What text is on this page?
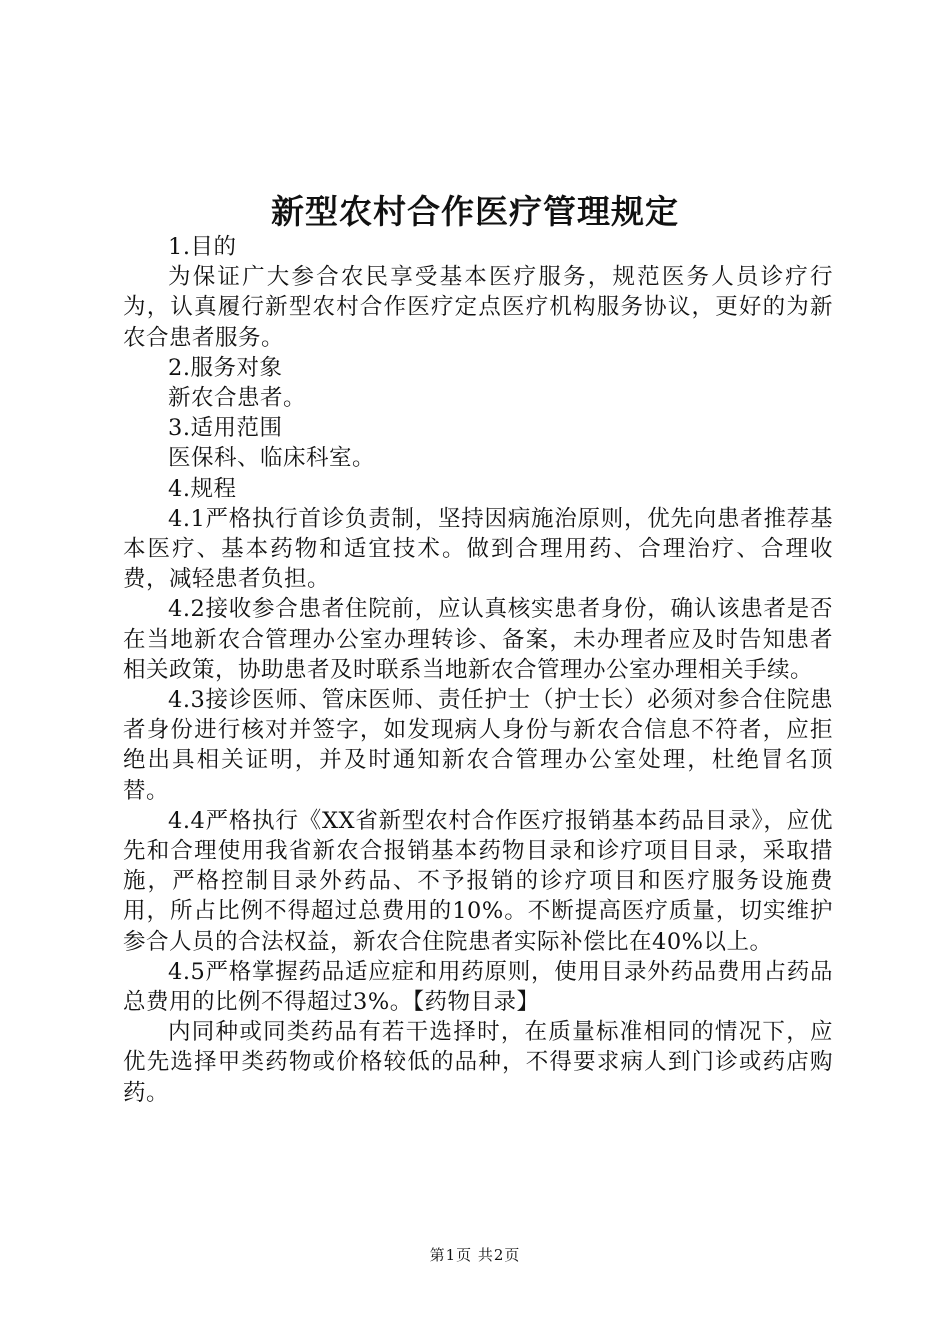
新型农村合作医疗管理规定

1.目的

为保证广大参合农民享受基本医疗服务，规范医务人员诊疗行为，认真履行新型农村合作医疗定点医疗机构服务协议，更好的为新农合患者服务。

2.服务对象

新农合患者。

3.适用范围

医保科、临床科室。

4.规程

4.1严格执行首诊负责制，坚持因病施治原则，优先向患者推荐基本医疗、基本药物和适宜技术。做到合理用药、合理治疗、合理收费，减轻患者负担。

4.2接收参合患者住院前，应认真核实患者身份，确认该患者是否在当地新农合管理办公室办理转诊、备案，未办理者应及时告知患者相关政策，协助患者及时联系当地新农合管理办公室办理相关手续。

4.3接诊医师、管床医师、责任护士（护士长）必须对参合住院患者身份进行核对并签字，如发现病人身份与新农合信息不符者，应拒绝出具相关证明，并及时通知新农合管理办公室处理，杜绝冒名顶替。

4.4严格执行《XX省新型农村合作医疗报销基本药品目录》，应优先和合理使用我省新农合报销基本药物目录和诊疗项目目录，采取措施，严格控制目录外药品、不予报销的诊疗项目和医疗服务设施费用，所占比例不得超过总费用的10%。不断提高医疗质量，切实维护参合人员的合法权益，新农合住院患者实际补偿比在40%以上。

4.5严格掌握药品适应症和用药原则，使用目录外药品费用占药品总费用的比例不得超过3%。【药物目录】

内同种或同类药品有若干选择时，在质量标准相同的情况下，应优先选择甲类药物或价格较低的品种，不得要求病人到门诊或药店购药。

第1页 共2页
